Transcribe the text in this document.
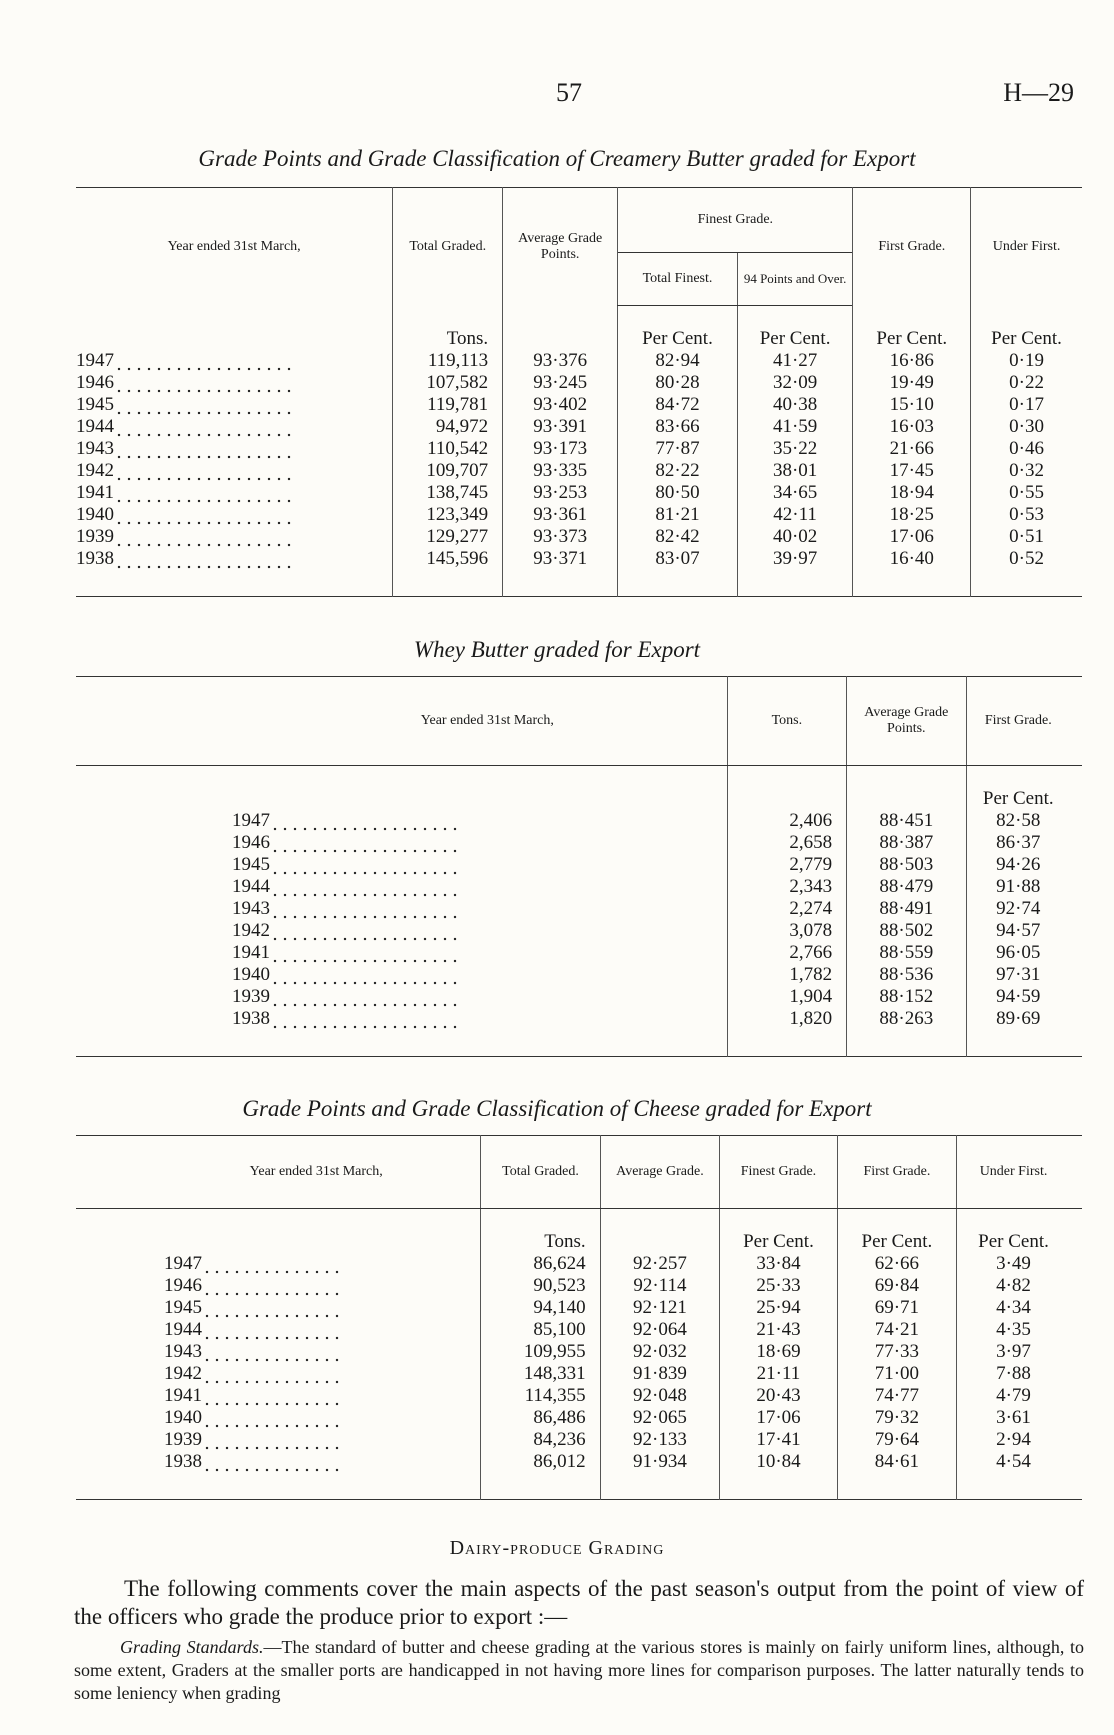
57	H—29
Grade Points and Grade Classification of Creamery Butter graded for Export
Year ended 31st March,	Total Graded.	Average Grade Points.	Finest Grade.		First Grade.	Under First.
			Total Finest.	94 Points and Over.		
	Tons.		Per Cent.	Per Cent.	Per Cent.	Per Cent.
1947	119,113	93·376	82·94	41·27	16·86	0·19
1946	107,582	93·245	80·28	32·09	19·49	0·22
1945	119,781	93·402	84·72	40·38	15·10	0·17
1944	94,972	93·391	83·66	41·59	16·03	0·30
1943	110,542	93·173	77·87	35·22	21·66	0·46
1942	109,707	93·335	82·22	38·01	17·45	0·32
1941	138,745	93·253	80·50	34·65	18·94	0·55
1940	123,349	93·361	81·21	42·11	18·25	0·53
1939	129,277	93·373	82·42	40·02	17·06	0·51
1938	145,596	93·371	83·07	39·97	16·40	0·52
Whey Butter graded for Export
Year ended 31st March,	Tons.	Average Grade Points.	First Grade.	
			Per Cent.	
1947	2,406	88·451	82·58	
1946	2,658	88·387	86·37	
1945	2,779	88·503	94·26	
1944	2,343	88·479	91·88	
1943	2,274	88·491	92·74	
1942	3,078	88·502	94·57	
1941	2,766	88·559	96·05	
1940	1,782	88·536	97·31	
1939	1,904	88·152	94·59	
1938	1,820	88·263	89·69	
Grade Points and Grade Classification of Cheese graded for Export
Year ended 31st March,	Total Graded.	Average Grade.	Finest Grade.	First Grade.	Under First.	
	Tons.		Per Cent.	Per Cent.	Per Cent.	
1947	86,624	92·257	33·84	62·66	3·49	
1946	90,523	92·114	25·33	69·84	4·82	
1945	94,140	92·121	25·94	69·71	4·34	
1944	85,100	92·064	21·43	74·21	4·35	
1943	109,955	92·032	18·69	77·33	3·97	
1942	148,331	91·839	21·11	71·00	7·88	
1941	114,355	92·048	20·43	74·77	4·79	
1940	86,486	92·065	17·06	79·32	3·61	
1939	84,236	92·133	17·41	79·64	2·94	
1938	86,012	91·934	10·84	84·61	4·54	
Dairy-produce Grading
The following comments cover the main aspects of the past season's output from the point of view of the officers who grade the produce prior to export :—
Grading Standards.—The standard of butter and cheese grading at the various stores is mainly on fairly uniform lines, although, to some extent, Graders at the smaller ports are handicapped in not having more lines for comparison purposes. The latter naturally tends to some leniency when grading
